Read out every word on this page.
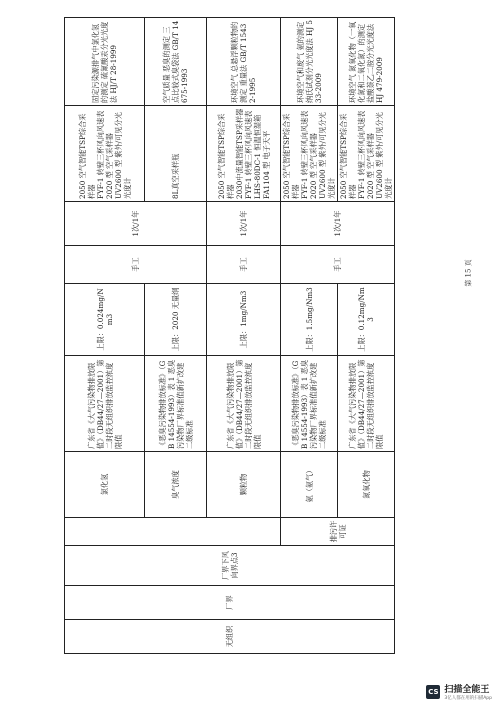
无组织	厂界	厂界下风向界点3		氯化氢	广东省《大气污染物排放限值》（DB44/27—2001）第二时段无组织排放监控浓度限值	上限：0.024mg/Nm3	手工	1次/1年	2050 空气智能TSP综合采样器
FYF-1 转壁三杯风向风速表
2020 型 空气采样器
UV2600 型 紫外/可见分光光度计	固定污染源排气中氯化氢的测定 硫氰酸汞分光光度法 HJ/T 28-1999
				臭气浓度	《恶臭污染物排放标准》（GB 14554-1993）表 1 恶臭污染物厂界标准值新扩改建二级标准	上限：2020 无量纲			8L真空采样瓶	空气质量 恶臭的测定 三点比较式臭袋法 GB/T 14675-1993
				颗粒物	广东省《大气污染物排放限值》（DB44/27—2001）第二时段无组织排放监控浓度限值	上限：1mg/Nm3	手工	1次/1年	2050 空气智能TSP综合采样器
2030中流量智能TSP采样器 FYF-1 转壁三杯风向风速表
LHS-80DC-1 恒温恒湿箱
FA1104 型 电子天平	环境空气 总悬浮颗粒物的测定 重量法 GB/T 15432-1995
			排污许可证	氨（氨气）	《恶臭污染物排放标准》（GB 14554-1993）表 1 恶臭污染物厂界标准值新扩改建二级标准	上限：1.5mg/Nm3	手工	1次/1年	2050 空气智能TSP综合采样器
FYF-1 转壁三杯风向风速表
2020 型 空气采样器
UV2600 型 紫外/可见分光光度计	环境空气和废气 氨的测定 纳氏试剂分光光度法 HJ 533-2009
				氮氧化物	广东省《大气污染物排放限值》（DB44/27—2001）第二时段无组织排放监控浓度限值	上限：0.12mg/Nm3			2050 空气智能TSP综合采样器
FYF-1 转壁三杯风向风速表
2020 型 空气采样器
UV2600 型 紫外/可见分光光度计	环境空气 氮氧化物（一氧化氮和二氧化氮）的测定 盐酸萘乙二胺分光光度法 HJ 479-2009
第 15 页
CS 扫描全能王
3亿人都在用的扫描App
